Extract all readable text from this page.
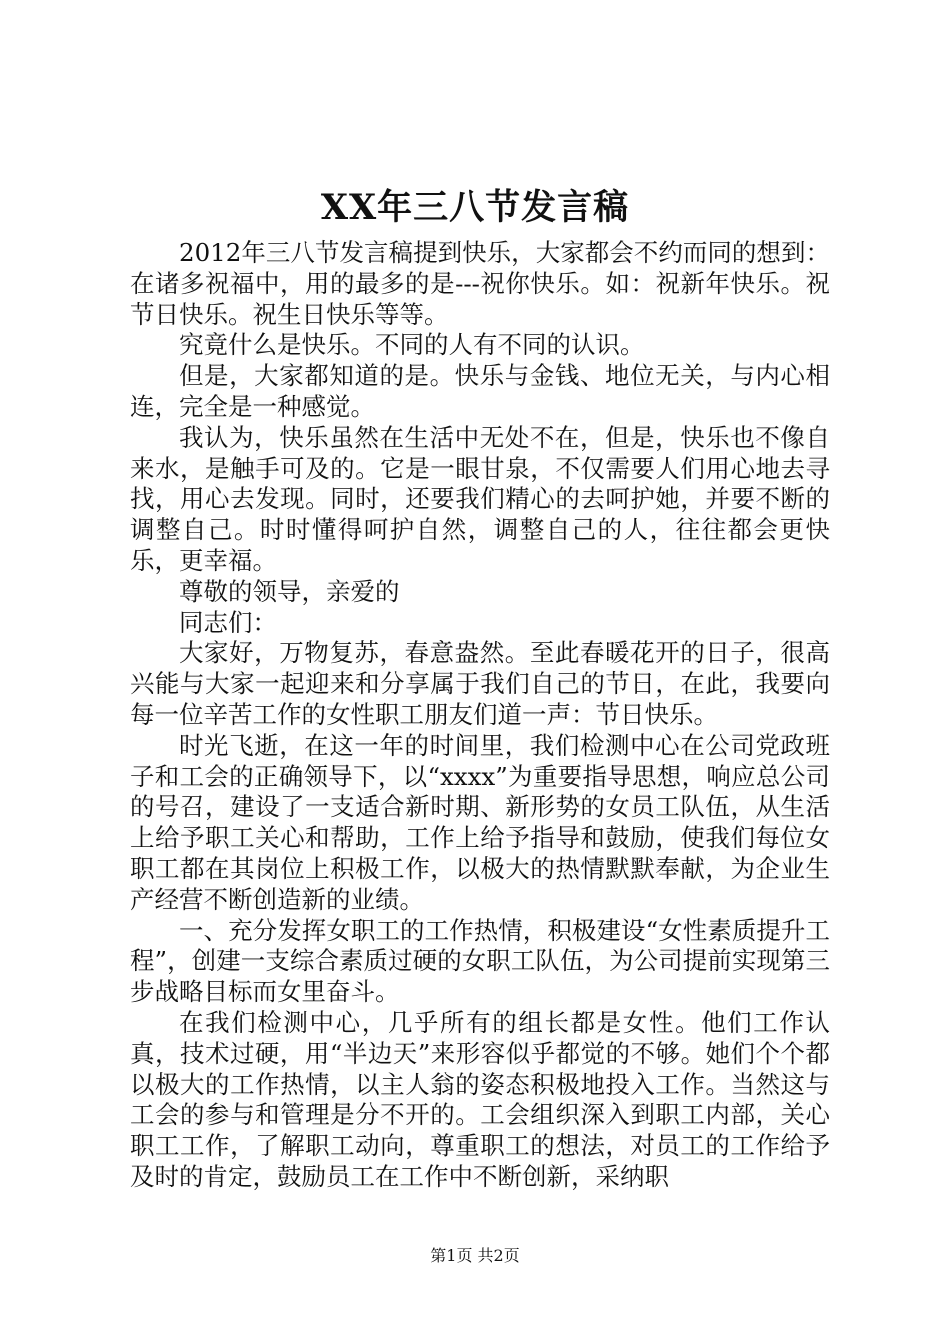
XX年三八节发言稿

2012年三八节发言稿提到快乐，大家都会不约而同的想到：在诸多祝福中，用的最多的是---祝你快乐。如：祝新年快乐。祝节日快乐。祝生日快乐等等。

究竟什么是快乐。不同的人有不同的认识。

但是，大家都知道的是。快乐与金钱、地位无关，与内心相连，完全是一种感觉。

我认为，快乐虽然在生活中无处不在，但是，快乐也不像自来水，是触手可及的。它是一眼甘泉，不仅需要人们用心地去寻找，用心去发现。同时，还要我们精心的去呵护她，并要不断的调整自己。时时懂得呵护自然，调整自己的人，往往都会更快乐，更幸福。

尊敬的领导，亲爱的

同志们：

大家好，万物复苏，春意盎然。至此春暖花开的日子，很高兴能与大家一起迎来和分享属于我们自己的节日，在此，我要向每一位辛苦工作的女性职工朋友们道一声：节日快乐。

时光飞逝，在这一年的时间里，我们检测中心在公司党政班子和工会的正确领导下，以“xxxx”为重要指导思想，响应总公司的号召，建设了一支适合新时期、新形势的女员工队伍，从生活上给予职工关心和帮助，工作上给予指导和鼓励，使我们每位女职工都在其岗位上积极工作，以极大的热情默默奉献，为企业生产经营不断创造新的业绩。

一、充分发挥女职工的工作热情，积极建设“女性素质提升工程”，创建一支综合素质过硬的女职工队伍，为公司提前实现第三步战略目标而女里奋斗。

在我们检测中心，几乎所有的组长都是女性。他们工作认真，技术过硬，用“半边天”来形容似乎都觉的不够。她们个个都以极大的工作热情，以主人翁的姿态积极地投入工作。当然这与工会的参与和管理是分不开的。工会组织深入到职工内部，关心职工工作，了解职工动向，尊重职工的想法，对员工的工作给予及时的肯定，鼓励员工在工作中不断创新，采纳职

第1页 共2页
